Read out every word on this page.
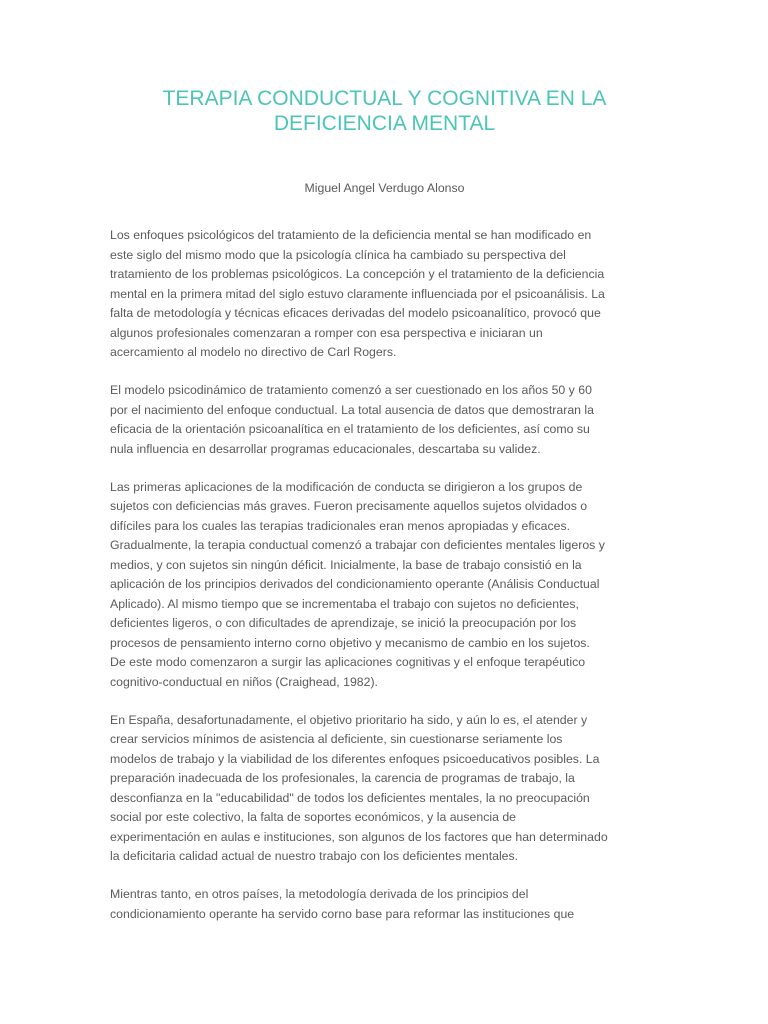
TERAPIA CONDUCTUAL Y COGNITIVA EN LA
DEFICIENCIA MENTAL

Miguel Angel Verdugo Alonso

Los enfoques psicológicos del tratamiento de la deficiencia mental se han modificado en
este siglo del mismo modo que la psicología clínica ha cambiado su perspectiva del
tratamiento de los problemas psicológicos. La concepción y el tratamiento de la deficiencia
mental en la primera mitad del siglo estuvo claramente influenciada por el psicoanálisis. La
falta de metodología y técnicas eficaces derivadas del modelo psicoanalítico, provocó que
algunos profesionales comenzaran a romper con esa perspectiva e iniciaran un
acercamiento al modelo no directivo de Carl Rogers.

El modelo psicodinámico de tratamiento comenzó a ser cuestionado en los años 50 y 60
por el nacimiento del enfoque conductual. La total ausencia de datos que demostraran la
eficacia de la orientación psicoanalítica en el tratamiento de los deficientes, así como su
nula influencia en desarrollar programas educacionales, descartaba su validez.

Las primeras aplicaciones de la modificación de conducta se dirigieron a los grupos de
sujetos con deficiencias más graves. Fueron precisamente aquellos sujetos olvidados o
difíciles para los cuales las terapias tradicionales eran menos apropiadas y eficaces.
Gradualmente, la terapia conductual comenzó a trabajar con deficientes mentales ligeros y
medios, y con sujetos sin ningún déficit. Inicialmente, la base de trabajo consistió en la
aplicación de los principios derivados del condicionamiento operante (Análisis Conductual
Aplicado). Al mismo tiempo que se incrementaba el trabajo con sujetos no deficientes,
deficientes ligeros, o con dificultades de aprendizaje, se inició la preocupación por los
procesos de pensamiento interno corno objetivo y mecanismo de cambio en los sujetos.
De este modo comenzaron a surgir las aplicaciones cognitivas y el enfoque terapéutico
cognitivo-conductual en niños (Craighead, 1982).

En España, desafortunadamente, el objetivo prioritario ha sido, y aún lo es, el atender y
crear servicios mínimos de asistencia al deficiente, sin cuestionarse seriamente los
modelos de trabajo y la viabilidad de los diferentes enfoques psicoeducativos posibles. La
preparación inadecuada de los profesionales, la carencia de programas de trabajo, la
desconfianza en la "educabilidad" de todos los deficientes mentales, la no preocupación
social por este colectivo, la falta de soportes económicos, y la ausencia de
experimentación en aulas e instituciones, son algunos de los factores que han determinado
la deficitaria calidad actual de nuestro trabajo con los deficientes mentales.

Mientras tanto, en otros países, la metodología derivada de los principios del
condicionamiento operante ha servido corno base para reformar las instituciones que
